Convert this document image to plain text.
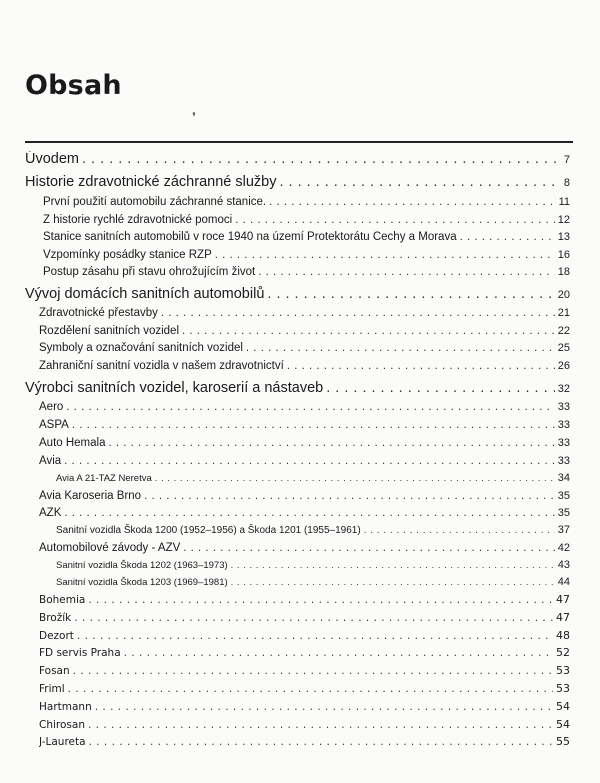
Obsah
❜
Úvodem . . .	7
Historie zdravotnické záchranné služby . . .	8
První použití automobilu záchranné stanice. . . .	11
Z historie rychlé zdravotnické pomoci . . .	12
Stanice sanitních automobilů v roce 1940 na území Protektorátu Čechy a Morava . . .	13
Vzpomínky posádky stanice RZP . . .	16
Postup zásahu při stavu ohrožujícím život . . .	18
Vývoj domácích sanitních automobilů . . .	20
Zdravotnické přestavby . . .	21
Rozdělení sanitních vozidel . . .	22
Symboly a označování sanitních vozidel . . .	25
Zahraniční sanitní vozidla v našem zdravotnictví . . .	26
Výrobci sanitních vozidel, karoserií a nástaveb . . .	32
Aero . . .	33
ASPA . . .	33
Auto Hemala . . .	33
Avia . . .	33
Avia A 21-TAZ Neretva . . .	34
Avia Karoseria Brno . . .	35
AZK . . .	35
Sanitní vozidla Škoda 1200 (1952–1956) a Škoda 1201 (1955–1961) . . .	37
Automobilové závody - AZV . . .	42
Sanitní vozidla Škoda 1202 (1963–1973) . . .	43
Sanitní vozidla Škoda 1203 (1969–1981) . . .	44
Bohemia . . .	47
Brožík . . .	47
Dezort . . .	48
FD servis Praha . . .	52
Fosan . . .	53
Friml . . .	53
Hartmann . . .	54
Chirosan . . .	54
J-Laureta . . .	55
